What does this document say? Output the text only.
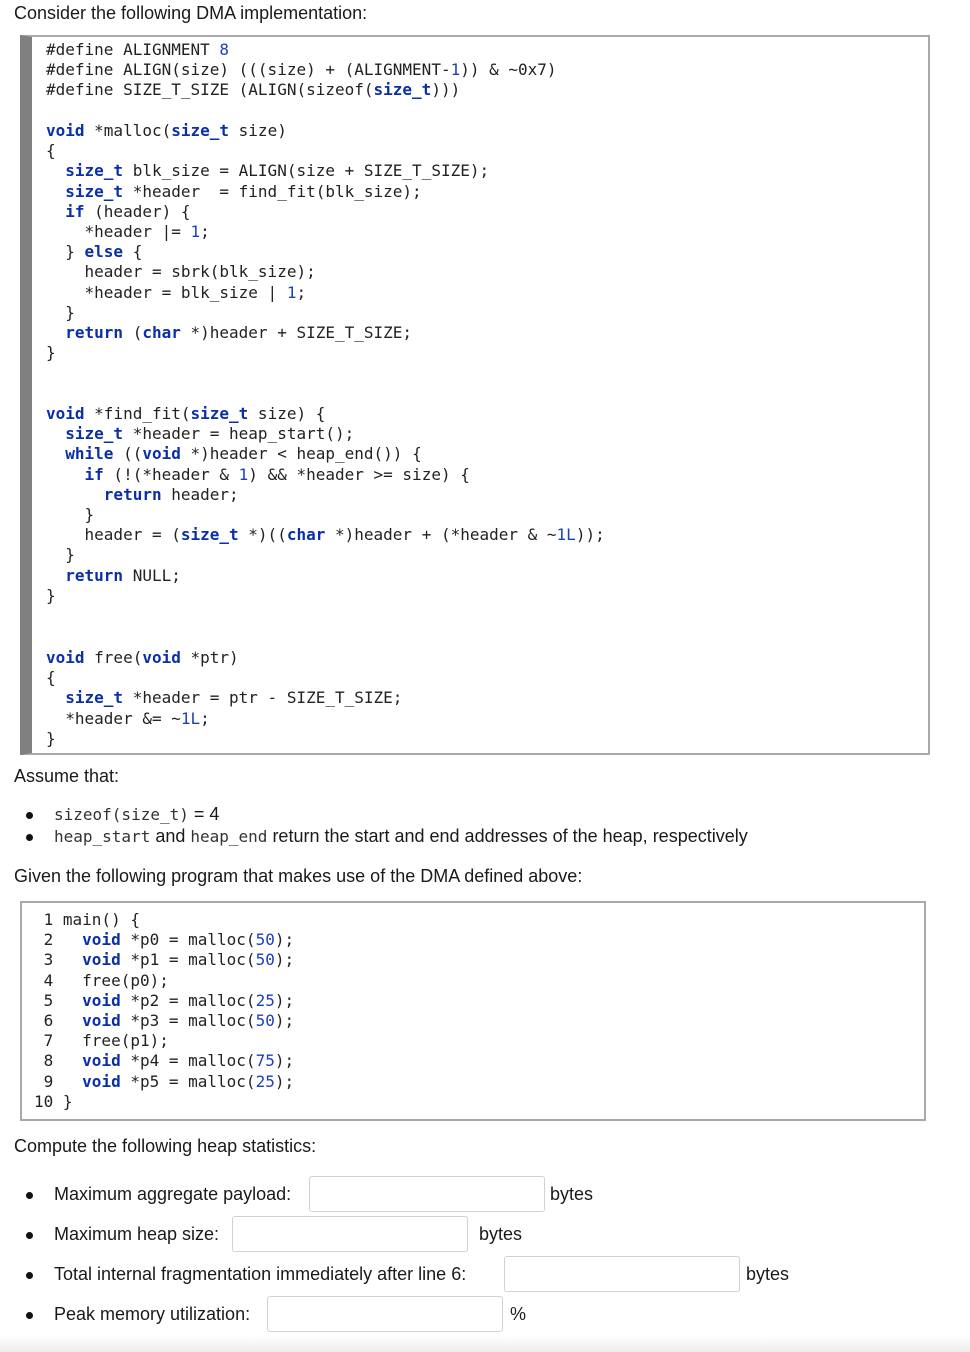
Consider the following DMA implementation:
#define ALIGNMENT 8
#define ALIGN(size) (((size) + (ALIGNMENT-1)) & ~0x7)
#define SIZE_T_SIZE (ALIGN(sizeof(size_t)))
void *malloc(size_t size)
{
size_t blk_size = ALIGN(size + SIZE_T_SIZE);
size_t *header  = find_fit(blk_size);
if (header) {
*header |= 1;
} else {
header = sbrk(blk_size);
*header = blk_size | 1;
}
return (char *)header + SIZE_T_SIZE;
}
void *find_fit(size_t size) {
size_t *header = heap_start();
while ((void *)header < heap_end()) {
if (!(*header & 1) && *header >= size) {
return header;
}
header = (size_t *)((char *)header + (*header & ~1L));
}
return NULL;
}
void free(void *ptr)
{
size_t *header = ptr - SIZE_T_SIZE;
*header &= ~1L;
}
Assume that:
sizeof(size_t) = 4
heap_start and heap_end return the start and end addresses of the heap, respectively
Given the following program that makes use of the DMA defined above:
1 main() {
2   void *p0 = malloc(50);
3   void *p1 = malloc(50);
4   free(p0);
5   void *p2 = malloc(25);
6   void *p3 = malloc(50);
7   free(p1);
8   void *p4 = malloc(75);
9   void *p5 = malloc(25);
10 }
Compute the following heap statistics:
Maximum aggregate payload:	bytes
Maximum heap size:	bytes
Total internal fragmentation immediately after line 6:	bytes
Peak memory utilization:	%
